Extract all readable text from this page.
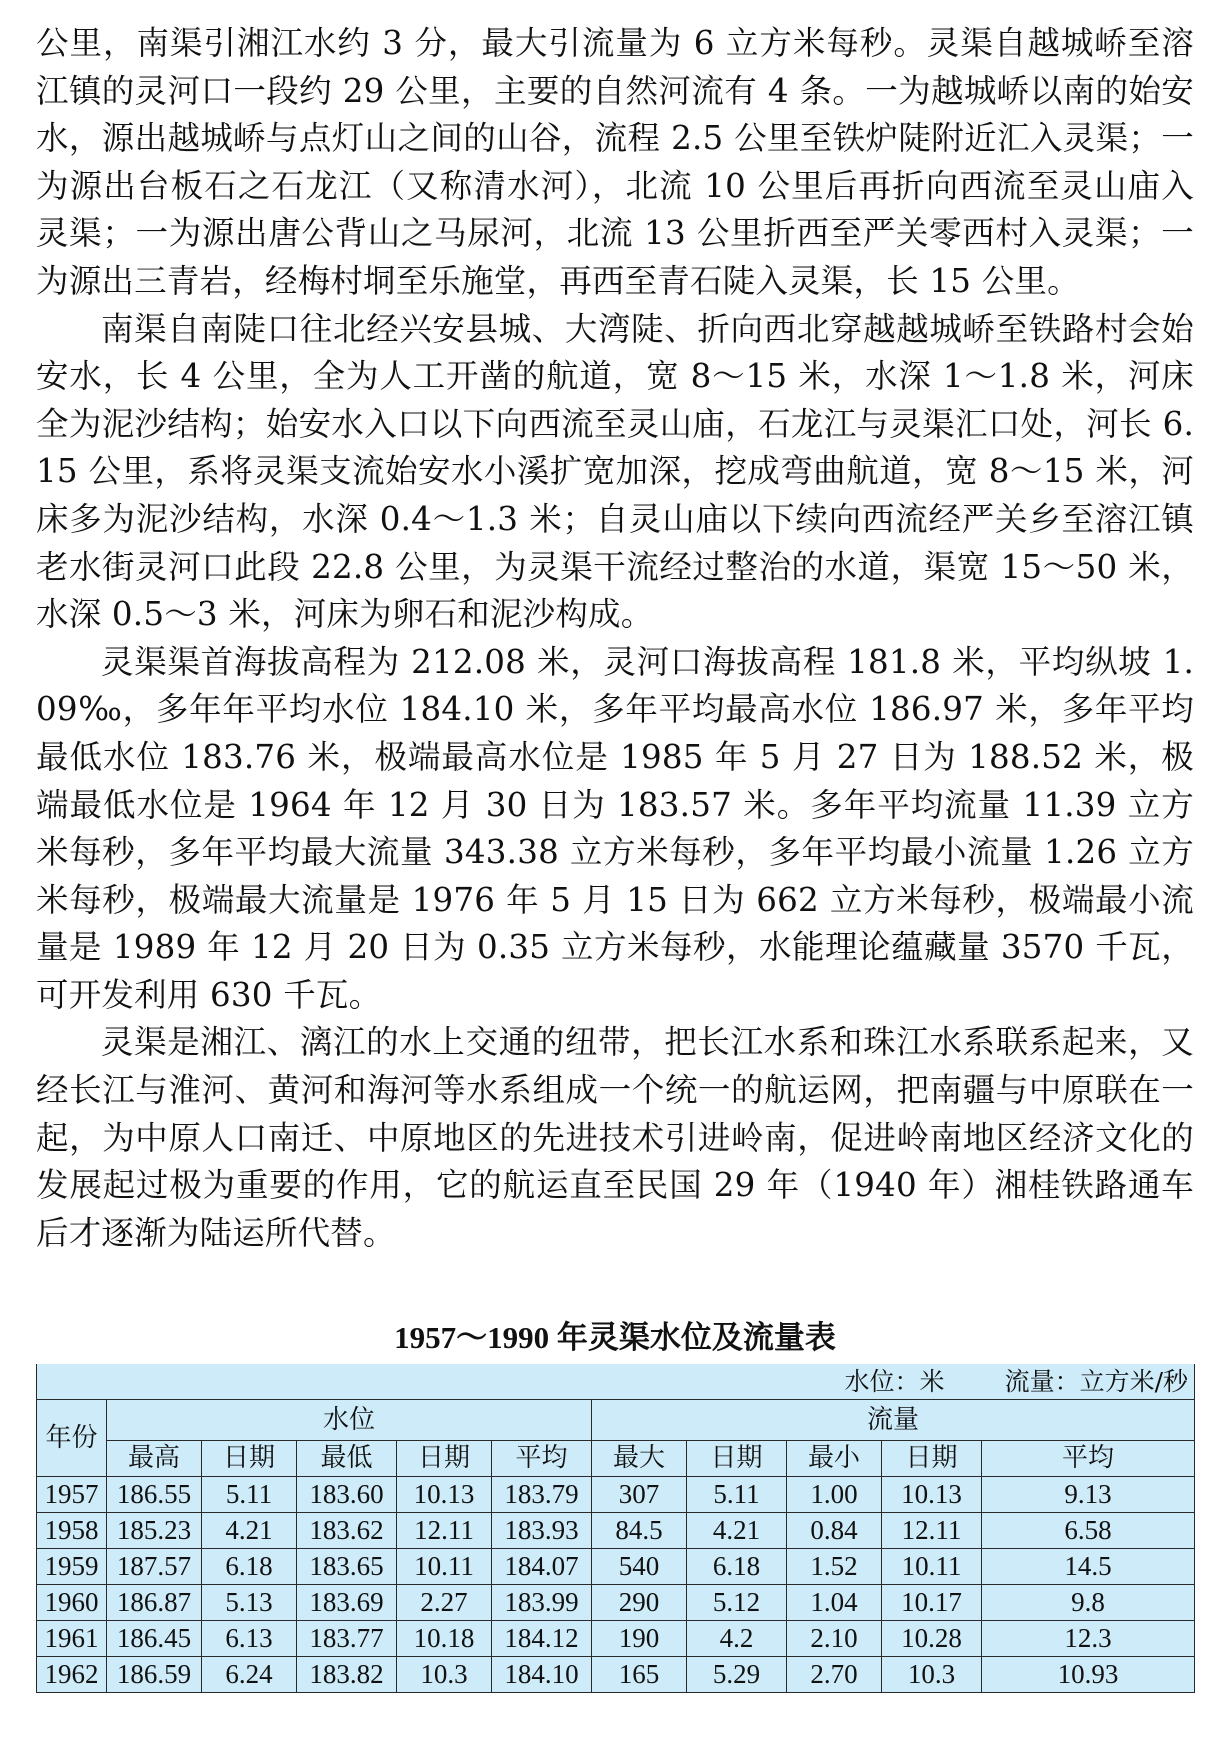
公里，南渠引湘江水约 3 分，最大引流量为 6 立方米每秒。灵渠自越城峤至溶江镇的灵河口一段约 29 公里，主要的自然河流有 4 条。一为越城峤以南的始安水，源出越城峤与点灯山之间的山谷，流程 2.5 公里至铁炉陡附近汇入灵渠；一为源出台板石之石龙江（又称清水河），北流 10 公里后再折向西流至灵山庙入灵渠；一为源出唐公背山之马尿河，北流 13 公里折西至严关零西村入灵渠；一为源出三青岩，经梅村垌至乐施堂，再西至青石陡入灵渠，长 15 公里。

南渠自南陡口往北经兴安县城、大湾陡、折向西北穿越越城峤至铁路村会始安水，长 4 公里，全为人工开凿的航道，宽 8～15 米，水深 1～1.8 米，河床全为泥沙结构；始安水入口以下向西流至灵山庙，石龙江与灵渠汇口处，河长 6.15 公里，系将灵渠支流始安水小溪扩宽加深，挖成弯曲航道，宽 8～15 米，河床多为泥沙结构，水深 0.4～1.3 米；自灵山庙以下续向西流经严关乡至溶江镇老水街灵河口此段 22.8 公里，为灵渠干流经过整治的水道，渠宽 15～50 米，水深 0.5～3 米，河床为卵石和泥沙构成。

灵渠渠首海拔高程为 212.08 米，灵河口海拔高程 181.8 米，平均纵坡 1.09‰，多年年平均水位 184.10 米，多年平均最高水位 186.97 米，多年平均最低水位 183.76 米，极端最高水位是 1985 年 5 月 27 日为 188.52 米，极端最低水位是 1964 年 12 月 30 日为 183.57 米。多年平均流量 11.39 立方米每秒，多年平均最大流量 343.38 立方米每秒，多年平均最小流量 1.26 立方米每秒，极端最大流量是 1976 年 5 月 15 日为 662 立方米每秒，极端最小流量是 1989 年 12 月 20 日为 0.35 立方米每秒，水能理论蕴藏量 3570 千瓦，可开发利用 630 千瓦。

灵渠是湘江、漓江的水上交通的纽带，把长江水系和珠江水系联系起来，又经长江与淮河、黄河和海河等水系组成一个统一的航运网，把南疆与中原联在一起，为中原人口南迁、中原地区的先进技术引进岭南，促进岭南地区经济文化的发展起过极为重要的作用，它的航运直至民国 29 年（1940 年）湘桂铁路通车后才逐渐为陆运所代替。

1957～1990 年灵渠水位及流量表
水位：米 流量：立方米/秒										
年份	水位					流量				
	最高	日期	最低	日期	平均	最大	日期	最小	日期	平均
1957	186.55	5.11	183.60	10.13	183.79	307	5.11	1.00	10.13	9.13
1958	185.23	4.21	183.62	12.11	183.93	84.5	4.21	0.84	12.11	6.58
1959	187.57	6.18	183.65	10.11	184.07	540	6.18	1.52	10.11	14.5
1960	186.87	5.13	183.69	2.27	183.99	290	5.12	1.04	10.17	9.8
1961	186.45	6.13	183.77	10.18	184.12	190	4.2	2.10	10.28	12.3
1962	186.59	6.24	183.82	10.3	184.10	165	5.29	2.70	10.3	10.93
